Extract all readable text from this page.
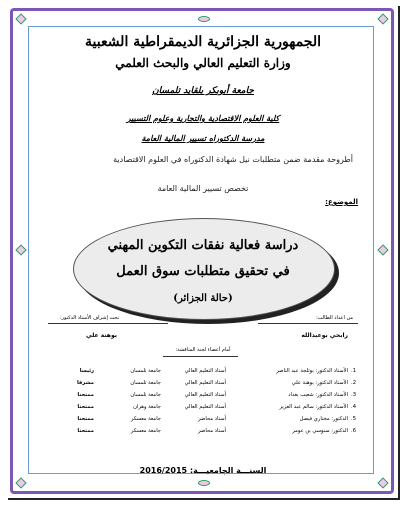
الجمهورية الجزائرية الديمقراطية الشعبية
وزارة التعليم العالي والبحث العلمي
جامعة أبوبكر بلقايد تلمسان
كلية العلوم الاقتصادية والتجارية وعلوم التسيير
مدرسة الدكتوراه تسيير المالية العامة
أطروحة مقدمة ضمن متطلبات نيل شهادة الدكتوراه في العلوم الاقتصادية
تخصص تسيير المالية العامة
الموضوع:
دراسة فعالية نفقات التكوين المهني
في تحقيق متطلبات سوق العمل
(حالة الجزائر)
من اعداد الطالب:
تحت إشراف الأستاذ الدكتور:
رابحي بوعبدالله
بوهنة علي
أمام أعضاء لجنة المناقشة:
1.
الأستاذ الدكتور: بوثلجة عبد الناصر
أستاذ التعليم العالي
جامعة تلمسان
رئيسا
2.
الأستاذ الدكتور: بوهنة علي
أستاذ التعليم العالي
جامعة تلمسان
مشرفا
3.
الأستاذ الدكتور: شعيب بغداد
أستاذ التعليم العالي
جامعة تلمسان
ممتحنا
4.
الأستاذ الدكتور: سالم عبد العزيز
أستاذ التعليم العالي
جامعة وهران
ممتحنا
5.
الدكتور: مختاري فيصل
أستاذ محاضر
جامعة معسكر
ممتحنا
6.
الدكتور: سنوسي بن عومر
أستاذ محاضر
جامعة معسكر
ممتحنا
السنـــة الجامعيـــة: 2016/2015
